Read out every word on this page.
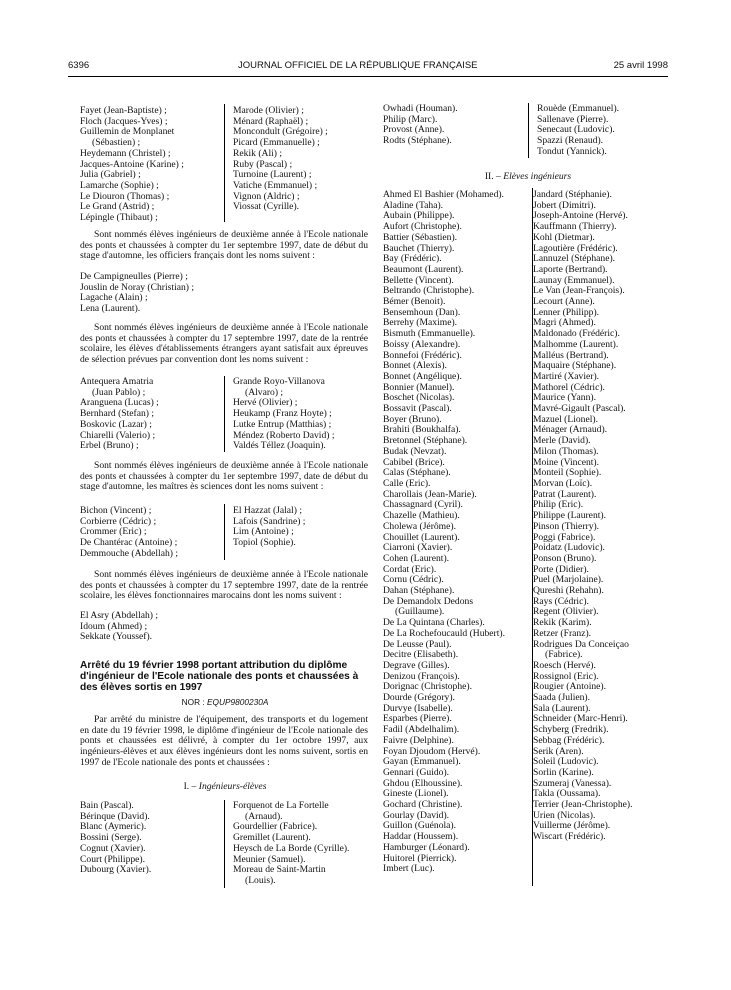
6396	JOURNAL OFFICIEL DE LA RÉPUBLIQUE FRANÇAISE	25 avril 1998
Fayet (Jean-Baptiste) ;
Floch (Jacques-Yves) ;
Guillemin de Monplanet
(Sébastien) ;
Heydemann (Christel) ;
Jacques-Antoine (Karine) ;
Julia (Gabriel) ;
Lamarche (Sophie) ;
Le Diouron (Thomas) ;
Le Grand (Astrid) ;
Lépingle (Thibaut) ;
Marode (Olivier) ;
Ménard (Raphaël) ;
Moncondult (Grégoire) ;
Picard (Emmanuelle) ;
Rekik (Ali) ;
Ruby (Pascal) ;
Turnoine (Laurent) ;
Vatiche (Emmanuel) ;
Vignon (Aldric) ;
Viossat (Cyrille).
Sont nommés élèves ingénieurs de deuxième année à l'Ecole nationale des ponts et chaussées à compter du 1er septembre 1997, date de début du stage d'automne, les officiers français dont les noms suivent :
De Campigneulles (Pierre) ;
Jouslin de Noray (Christian) ;
Lagache (Alain) ;
Lena (Laurent).
Sont nommés élèves ingénieurs de deuxième année à l'Ecole nationale des ponts et chaussées à compter du 17 septembre 1997, date de la rentrée scolaire, les élèves d'établissements étrangers ayant satisfait aux épreuves de sélection prévues par convention dont les noms suivent :
Antequera Amatria
(Juan Pablo) ;
Aranguena (Lucas) ;
Bernhard (Stefan) ;
Boskovic (Lazar) ;
Chiarelli (Valerio) ;
Erbel (Bruno) ;
Grande Royo-Villanova
(Alvaro) ;
Hervé (Olivier) ;
Heukamp (Franz Hoyte) ;
Lutke Entrup (Matthias) ;
Méndez (Roberto David) ;
Valdés Téllez (Joaquin).
Sont nommés élèves ingénieurs de deuxième année à l'Ecole nationale des ponts et chaussées à compter du 1er septembre 1997, date de début du stage d'automne, les maîtres ès sciences dont les noms suivent :
Bichon (Vincent) ;
Corbierre (Cédric) ;
Crommer (Eric) ;
De Chantérac (Antoine) ;
Demmouche (Abdellah) ;
El Hazzat (Jalal) ;
Lafois (Sandrine) ;
Lim (Antoine) ;
Topiol (Sophie).
Sont nommés élèves ingénieurs de deuxième année à l'Ecole nationale des ponts et chaussées à compter du 17 septembre 1997, date de la rentrée scolaire, les élèves fonctionnaires marocains dont les noms suivent :
El Asry (Abdellah) ;
Idoum (Ahmed) ;
Sekkate (Youssef).
Arrêté du 19 février 1998 portant attribution du diplôme d'ingénieur de l'Ecole nationale des ponts et chaussées à des élèves sortis en 1997
NOR : EQUP9800230A
Par arrêté du ministre de l'équipement, des transports et du logement en date du 19 février 1998, le diplôme d'ingénieur de l'Ecole nationale des ponts et chaussées est délivré, à compter du 1er octobre 1997, aux ingénieurs-élèves et aux élèves ingénieurs dont les noms suivent, sortis en 1997 de l'Ecole nationale des ponts et chaussées :
I. – Ingénieurs-élèves
Bain (Pascal).
Bérinque (David).
Blanc (Aymeric).
Bossini (Serge).
Cognut (Xavier).
Court (Philippe).
Dubourg (Xavier).
Forquenot de La Fortelle
(Arnaud).
Gourdellier (Fabrice).
Gremillet (Laurent).
Heysch de La Borde (Cyrille).
Meunier (Samuel).
Moreau de Saint-Martin
(Louis).
Owhadi (Houman).
Philip (Marc).
Provost (Anne).
Rodts (Stéphane).
Rouède (Emmanuel).
Sallenave (Pierre).
Senecaut (Ludovic).
Spazzi (Renaud).
Tondut (Yannick).
II. – Elèves ingénieurs
Ahmed El Bashier (Mohamed).
Aladine (Taha).
Aubain (Philippe).
Aufort (Christophe).
Battier (Sébastien).
Bauchet (Thierry).
Bay (Frédéric).
Beaumont (Laurent).
Bellette (Vincent).
Beltrando (Christophe).
Bémer (Benoit).
Bensemhoun (Dan).
Berrehy (Maxime).
Bismuth (Emmanuelle).
Boissy (Alexandre).
Bonnefoi (Frédéric).
Bonnet (Alexis).
Bonnet (Angélique).
Bonnier (Manuel).
Boschet (Nicolas).
Bossavit (Pascal).
Boyer (Bruno).
Brahiti (Boukhalfa).
Bretonnel (Stéphane).
Budak (Nevzat).
Cabibel (Brice).
Calas (Stéphane).
Calle (Eric).
Charollais (Jean-Marie).
Chassagnard (Cyril).
Chazelle (Mathieu).
Cholewa (Jérôme).
Chouillet (Laurent).
Ciarroni (Xavier).
Cohen (Laurent).
Cordat (Eric).
Cornu (Cédric).
Dahan (Stéphane).
De Demandolx Dedons
(Guillaume).
De La Quintana (Charles).
De La Rochefoucauld (Hubert).
De Leusse (Paul).
Decitre (Elisabeth).
Degrave (Gilles).
Denizou (François).
Dorignac (Christophe).
Dourde (Grégory).
Durvye (Isabelle).
Esparbes (Pierre).
Fadil (Abdelhalim).
Faivre (Delphine).
Foyan Djoudom (Hervé).
Gayan (Emmanuel).
Gennari (Guido).
Ghdou (Elhoussine).
Gineste (Lionel).
Gochard (Christine).
Gourlay (David).
Guillon (Guénola).
Haddar (Houssem).
Hamburger (Léonard).
Huitorel (Pierrick).
Imbert (Luc).
Jandard (Stéphanie).
Jobert (Dimitri).
Joseph-Antoine (Hervé).
Kauffmann (Thierry).
Kohl (Dietmar).
Lagoutière (Frédéric).
Lannuzel (Stéphane).
Laporte (Bertrand).
Launay (Emmanuel).
Le Van (Jean-François).
Lecourt (Anne).
Lenner (Philipp).
Magri (Ahmed).
Maldonado (Frédéric).
Malhomme (Laurent).
Malléus (Bertrand).
Maquaire (Stéphane).
Martiré (Xavier).
Mathorel (Cédric).
Maurice (Yann).
Mavré-Gigault (Pascal).
Mazuel (Lionel).
Ménager (Arnaud).
Merle (David).
Milon (Thomas).
Moine (Vincent).
Monteil (Sophie).
Morvan (Loïc).
Patrat (Laurent).
Philip (Eric).
Philippe (Laurent).
Pinson (Thierry).
Poggi (Fabrice).
Poidatz (Ludovic).
Ponson (Bruno).
Porte (Didier).
Puel (Marjolaine).
Qureshi (Rehahn).
Rays (Cédric).
Regent (Olivier).
Rekik (Karim).
Retzer (Franz).
Rodrigues Da Conceiçao
(Fabrice).
Roesch (Hervé).
Rossignol (Eric).
Rougier (Antoine).
Saada (Julien).
Sala (Laurent).
Schneider (Marc-Henri).
Schyberg (Fredrik).
Sebbag (Frédéric).
Serik (Aren).
Soleil (Ludovic).
Sorlin (Karine).
Szumeraj (Vanessa).
Takla (Oussama).
Terrier (Jean-Christophe).
Urien (Nicolas).
Vuillerme (Jérôme).
Wiscart (Frédéric).
